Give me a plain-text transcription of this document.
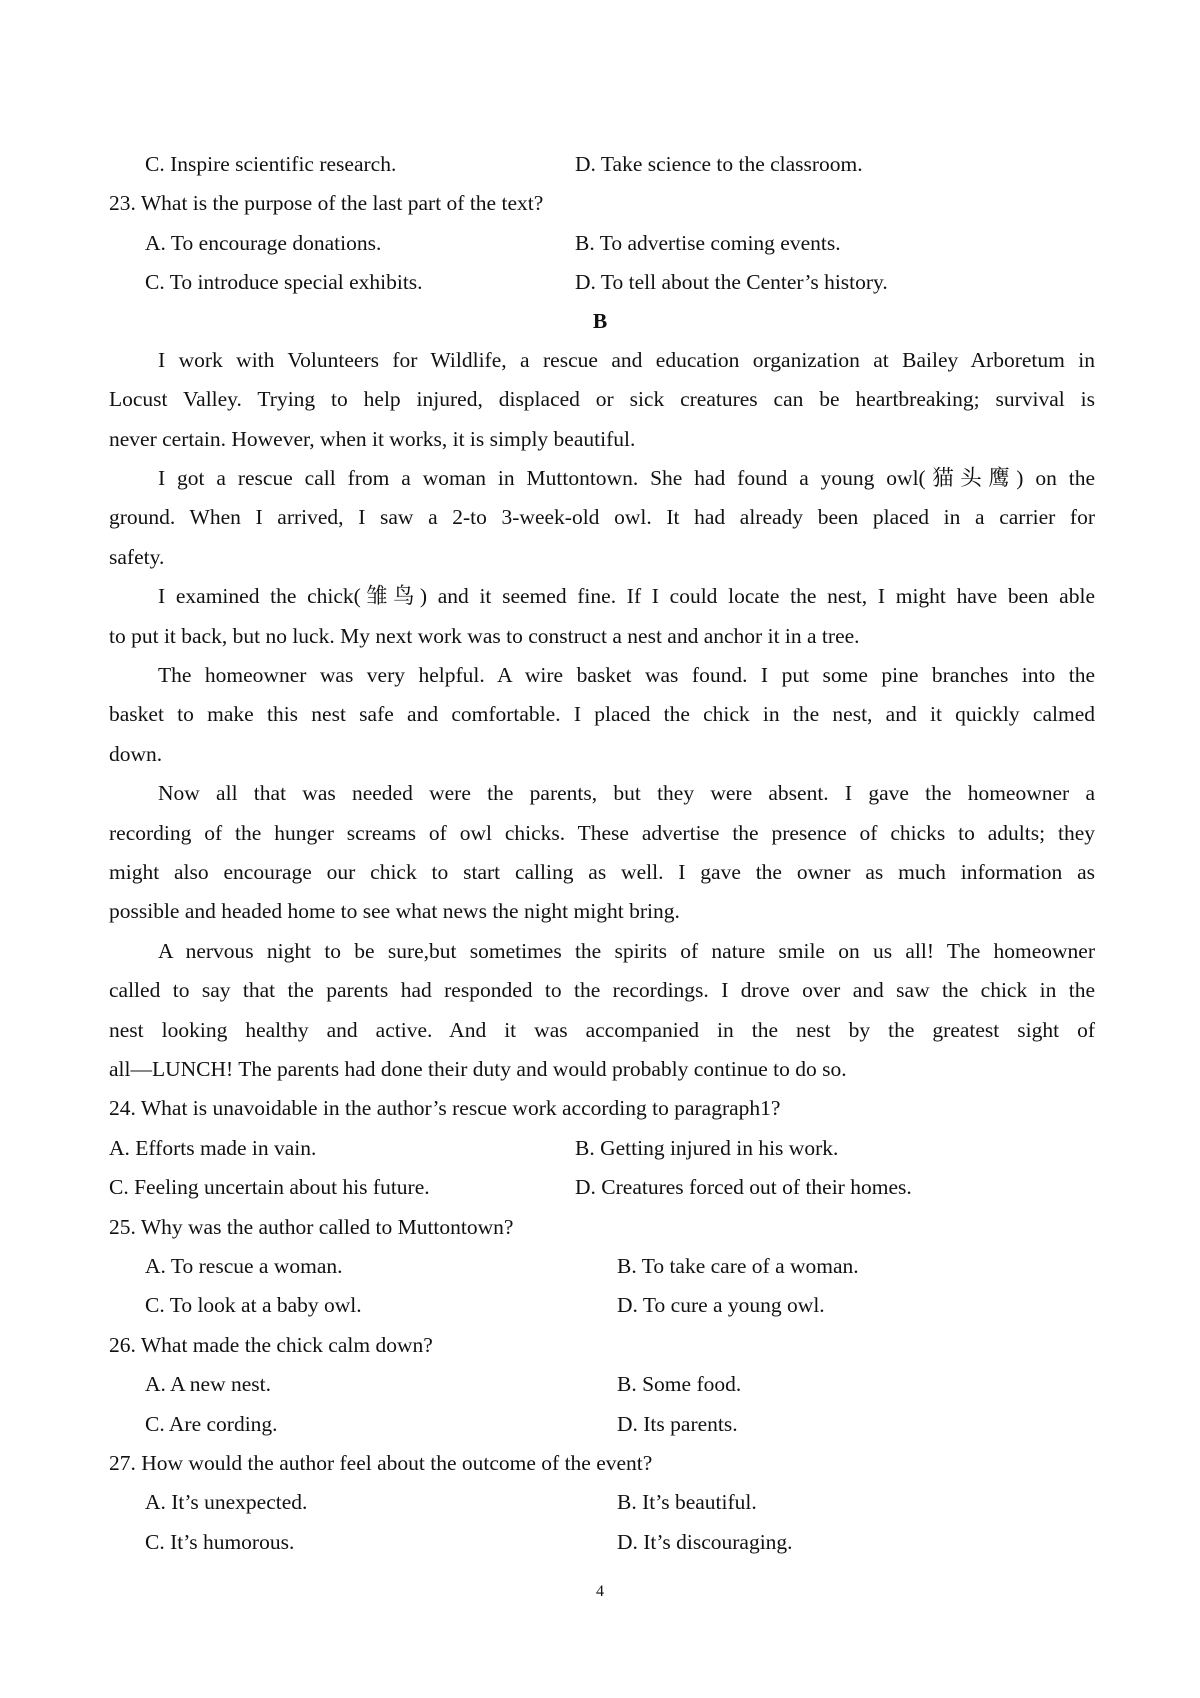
C. Inspire scientific research.	D. Take science to the classroom.
23. What is the purpose of the last part of the text?
A. To encourage donations.	B. To advertise coming events.
C. To introduce special exhibits.	D. To tell about the Center’s history.
B
I work with Volunteers for Wildlife, a rescue and education organization at Bailey Arboretum in
Locust Valley. Trying to help injured, displaced or sick creatures can be heartbreaking; survival is
never certain. However, when it works, it is simply beautiful.
I got a rescue call from a woman in Muttontown. She had found a young owl(猫头鹰) on the
ground. When I arrived, I saw a 2-to 3-week-old owl. It had already been placed in a carrier for
safety.
I examined the chick(雏鸟) and it seemed fine. If I could locate the nest, I might have been able
to put it back, but no luck. My next work was to construct a nest and anchor it in a tree.
The homeowner was very helpful. A wire basket was found. I put some pine branches into the
basket to make this nest safe and comfortable. I placed the chick in the nest, and it quickly calmed
down.
Now all that was needed were the parents, but they were absent. I gave the homeowner a
recording of the hunger screams of owl chicks. These advertise the presence of chicks to adults; they
might also encourage our chick to start calling as well. I gave the owner as much information as
possible and headed home to see what news the night might bring.
A nervous night to be sure,but sometimes the spirits of nature smile on us all! The homeowner
called to say that the parents had responded to the recordings. I drove over and saw the chick in the
nest looking healthy and active. And it was accompanied in the nest by the greatest sight of
all—LUNCH! The parents had done their duty and would probably continue to do so.
24. What is unavoidable in the author’s rescue work according to paragraph1?
A. Efforts made in vain.	B. Getting injured in his work.
C. Feeling uncertain about his future.	D. Creatures forced out of their homes.
25. Why was the author called to Muttontown?
A. To rescue a woman.	B. To take care of a woman.
C. To look at a baby owl.	D. To cure a young owl.
26. What made the chick calm down?
A. A new nest.	B. Some food.
C. Are cording.	D. Its parents.
27. How would the author feel about the outcome of the event?
A. It’s unexpected.	B. It’s beautiful.
C. It’s humorous.	D. It’s discouraging.
4
